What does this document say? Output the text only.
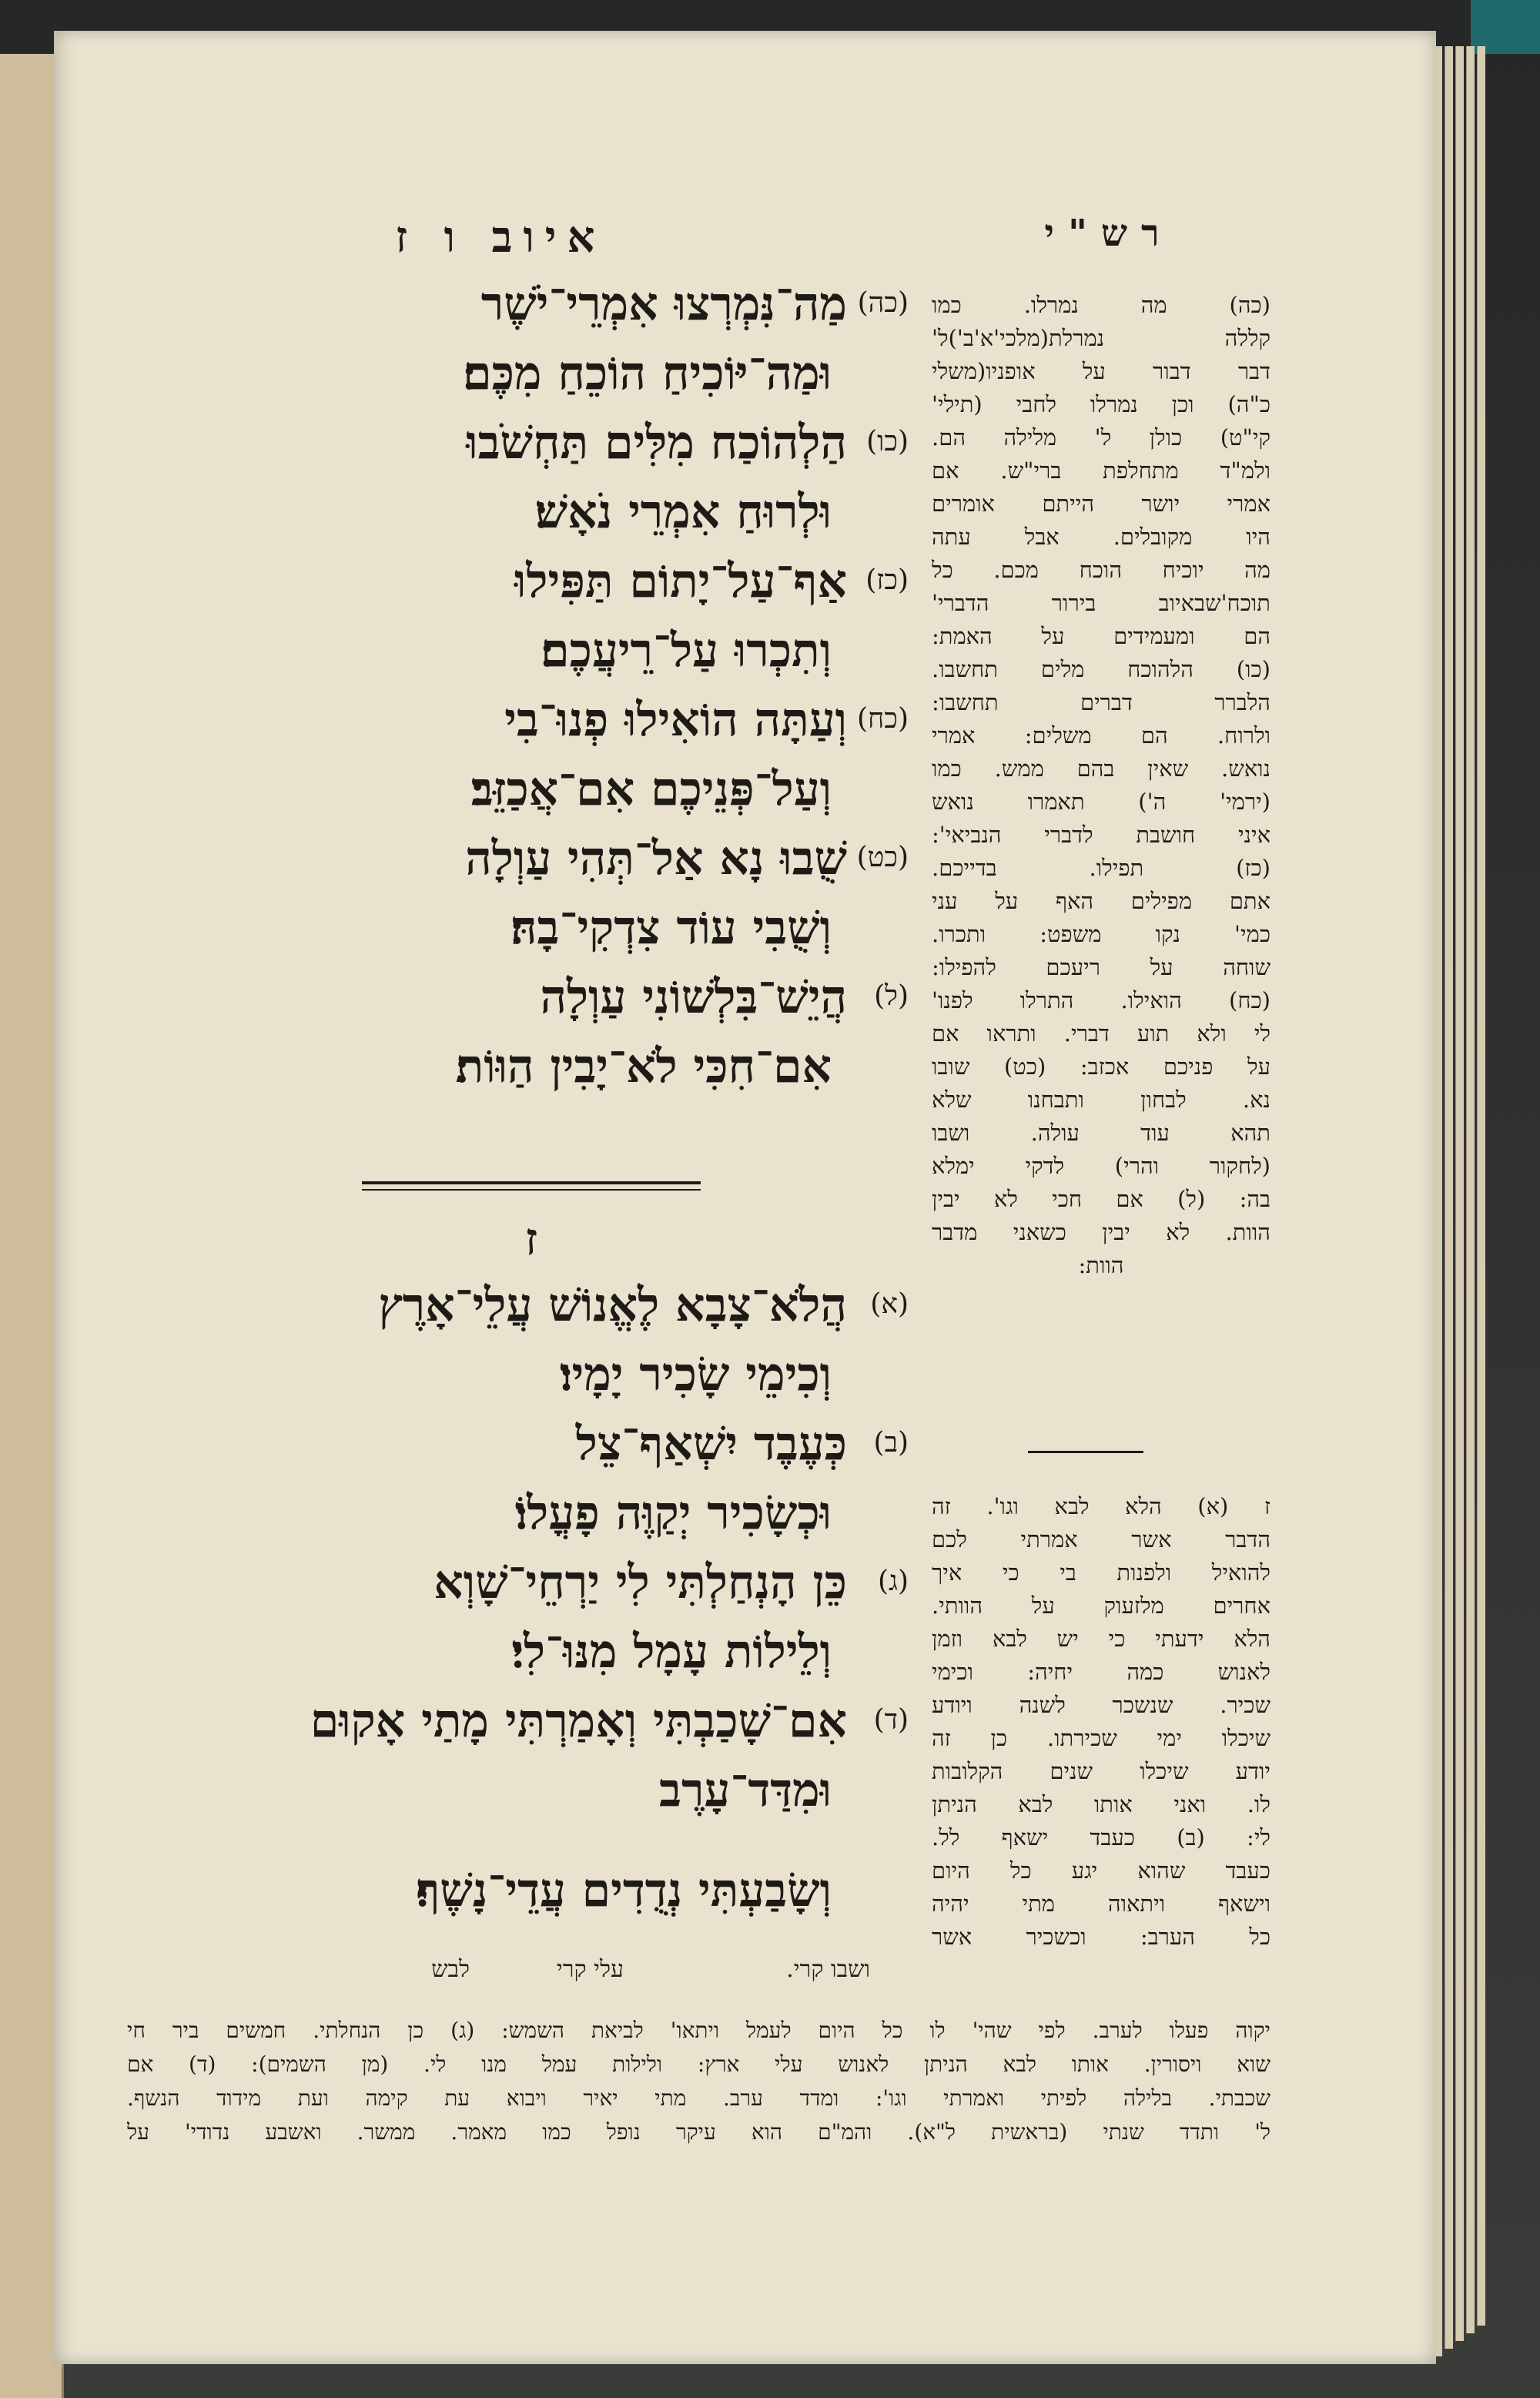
איוב ו ז	רש"י
(כה)
מַה־נִּמְרְצוּ אִמְרֵי־יֹשֶׁר
וּמַה־יּוֹכִיחַ הוֹכֵחַ מִכֶּם׃
(כו)
הַלְהוֹכַח מִלִּים תַּחְשֹׁבוּ
וּלְרוּחַ אִמְרֵי נֹאָשׁ׃
(כז)
אַף־עַל־יָתוֹם תַּפִּילוּ
וְתִכְרוּ עַל־רֵיעֲכֶם׃
(כח)
וְעַתָּה הוֹאִילוּ פְנוּ־בִי
וְעַל־פְּנֵיכֶם אִם־אֲכַזֵּב׃
(כט)
שֻׁבוּ נָא אַל־תְּהִי עַוְלָה
וְשֻׁבִי עוֹד צִדְקִי־בָהּ׃
(ל)
הֲיֵשׁ־בִּלְשׁוֹנִי עַוְלָה
אִם־חִכִּי לֹא־יָבִין הַוּוֹת׃
(א)
הֲלֹא־צָבָא לֶאֱנוֹשׁ עֲלֵי־אָרֶץ
וְכִימֵי שָׂכִיר יָמָיו׃
(ב)
כְּעֶבֶד יִשְׁאַף־צֵל
וּכְשָׂכִיר יְקַוֶּה פָעֳלוֹ׃
(ג)
כֵּן הָנְחַלְתִּי לִי יַרְחֵי־שָׁוְא
וְלֵילוֹת עָמָל מִנּוּ־לִי׃
(ד)
אִם־שָׁכַבְתִּי וְאָמַרְתִּי מָתַי אָקוּם
וּמִדַּד־עָרֶב
וְשָׂבַעְתִּי נְדֻדִים עֲדֵי־נָשֶׁף׃
ז
ושבו קרי.
עלי קרי
לבש
(כה) מה נמרלו. כמו
קללה נמרלת(מלכי'א'ב')ל'
דבר דבור על אופניו(משלי
כ"ה) וכן נמרלו לחבי (תילי'
קי"ט) כולן ל' מלילה הם.
ולמ"ד מתחלפת ברי"ש. אם
אמרי יושר הייתם אומרים
היו מקובלים. אבל עתה
מה יוכיח הוכח מכם. כל
תוכח'שבאיוב בירור הדברי'
הם ומעמידים על האמת:
(כו) הלהוכח מלים תחשבו.
הלברר דברים תחשבו:
ולרוח. הם משלים: אמרי
נואש. שאין בהם ממש. כמו
(ירמי' ה') תאמרו נואש
איני חושבת לדברי הנביאי':
(כז) תפילו. בדייכם.
אתם מפילים האף על עני
כמי' נקו משפט: ותכרו.
שוחה על ריעכם להפילו:
(כח) הואילו. התרלו לפנו'
לי ולא תוע דברי. ותראו אם
על פניכם אכזב: (כט) שובו
נא. לבחון ותבחנו שלא
תהא עוד עולה. ושבו
(לחקור והרי) לדקי ימלא
בה: (ל) אם חכי לא יבין
הוות. לא יבין כשאני מדבר
הוות:
ז (א) הלא לבא וגו'. זה
הדבר אשר אמרתי לכם
להואיל ולפנות בי כי איך
אחרים מלזעוק על הוותי.
הלא ידעתי כי יש לבא וזמן
לאנוש כמה יחיה: וכימי
שכיר. שנשכר לשנה ויודע
שיכלו ימי שכירתו. כן זה
יודע שיכלו שנים הקלובות
לו. ואני אותו לבא הניתן
לי: (ב) כעבד ישאף לל.
כעבד שהוא יגע כל היום
וישאף ויתאוה מתי יהיה
כל הערב: וכשכיר אשר
יקוה פעלו לערב. לפי שהי' לו כל היום לעמל ויתאו' לביאת השמש: (ג) כן הנחלתי. חמשים ביר חי
שוא ויסורין. אותו לבא הניתן לאנוש עלי ארץ: ולילות עמל מנו לי. (מן השמים): (ד) אם
שכבתי. בלילה לפיתי ואמרתי וגו': ומדד ערב. מתי יאיר ויבוא עת קימה ועת מידוד הנשף.
ל' ותדד שנתי (בראשית ל"א). והמ"ם הוא עיקר נופל כמו מאמר. ממשר. ואשבע נדודי' על
